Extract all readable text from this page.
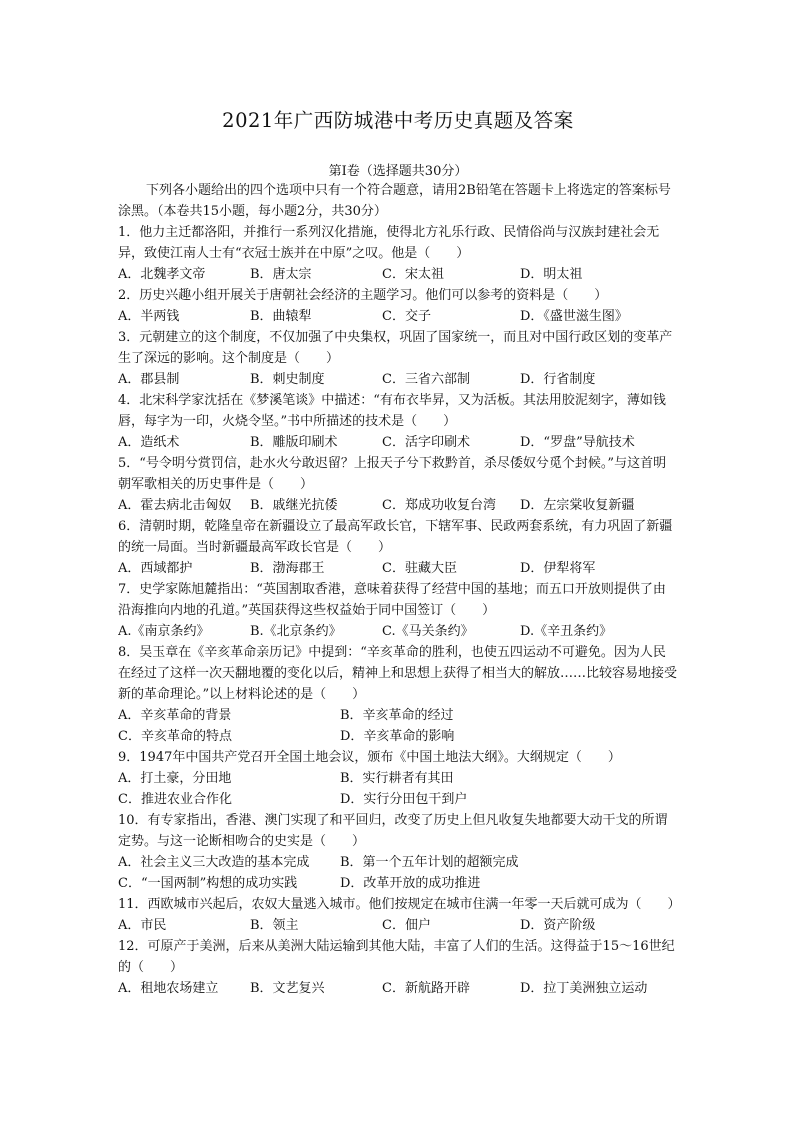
2021年广西防城港中考历史真题及答案
第Ⅰ卷（选择题共30分）

下列各小题给出的四个选项中只有一个符合题意，请用2B铅笔在答题卡上将选定的答案标号涂黑。（本卷共15小题，每小题2分，共30分）

1．他力主迁都洛阳，并推行一系列汉化措施，使得北方礼乐行政、民情俗尚与汉族封建社会无异，致使江南人士有“衣冠士族并在中原”之叹。他是（　　）

A．北魏孝文帝	B．唐太宗	C．宋太祖	D．明太祖

2．历史兴趣小组开展关于唐朝社会经济的主题学习。他们可以参考的资料是（　　）

A．半两钱	B．曲辕犁	C．交子	D．《盛世滋生图》

3．元朝建立的这个制度，不仅加强了中央集权，巩固了国家统一，而且对中国行政区划的变革产生了深远的影响。这个制度是（　　）

A．郡县制	B．刺史制度	C．三省六部制	D．行省制度

4．北宋科学家沈括在《梦溪笔谈》中描述：“有布衣毕昇，又为活板。其法用胶泥刻字，薄如钱唇，每字为一印，火烧令坚。”书中所描述的技术是（　　）

A．造纸术	B．雕版印刷术	C．活字印刷术	D．“罗盘”导航技术

5．“号令明兮赏罚信，赴水火兮敢迟留？上报天子兮下救黔首，杀尽倭奴兮觅个封候。”与这首明朝军歌相关的历史事件是（　　）

A．霍去病北击匈奴	B．戚继光抗倭	C．郑成功收复台湾	D．左宗棠收复新疆

6．清朝时期，乾隆皇帝在新疆设立了最高军政长官，下辖军事、民政两套系统，有力巩固了新疆的统一局面。当时新疆最高军政长官是（　　）

A．西域都护	B．渤海郡王	C．驻藏大臣	D．伊犁将军

7．史学家陈旭麓指出：“英国割取香港，意味着获得了经营中国的基地；而五口开放则提供了由沿海推向内地的孔道。”英国获得这些权益始于同中国签订（　　）

A.《南京条约》	B.《北京条约》	C.《马关条约》	D.《辛丑条约》

8．吴玉章在《辛亥革命亲历记》中提到：“辛亥革命的胜利，也使五四运动不可避免。因为人民在经过了这样一次天翻地覆的变化以后，精神上和思想上获得了相当大的解放……比较容易地接受新的革命理论。”以上材料论述的是（　　）

A．辛亥革命的背景	B．辛亥革命的经过
C．辛亥革命的特点	D．辛亥革命的影响

9．1947年中国共产党召开全国土地会议，颁布《中国土地法大纲》。大纲规定（　　）

A．打土豪，分田地	B．实行耕者有其田
C．推进农业合作化	D．实行分田包干到户

10．有专家指出，香港、澳门实现了和平回归，改变了历史上但凡收复失地都要大动干戈的所谓定势。与这一论断相吻合的史实是（　　）

A．社会主义三大改造的基本完成	B．第一个五年计划的超额完成
C．“一国两制”构想的成功实践	D．改革开放的成功推进

11．西欧城市兴起后，农奴大量逃入城市。他们按规定在城市住满一年零一天后就可成为（　　）

A．市民	B．领主	C．佃户	D．资产阶级

12．可原产于美洲，后来从美洲大陆运输到其他大陆，丰富了人们的生活。这得益于15～16世纪的（　　）

A．租地农场建立	B．文艺复兴	C．新航路开辟	D．拉丁美洲独立运动
